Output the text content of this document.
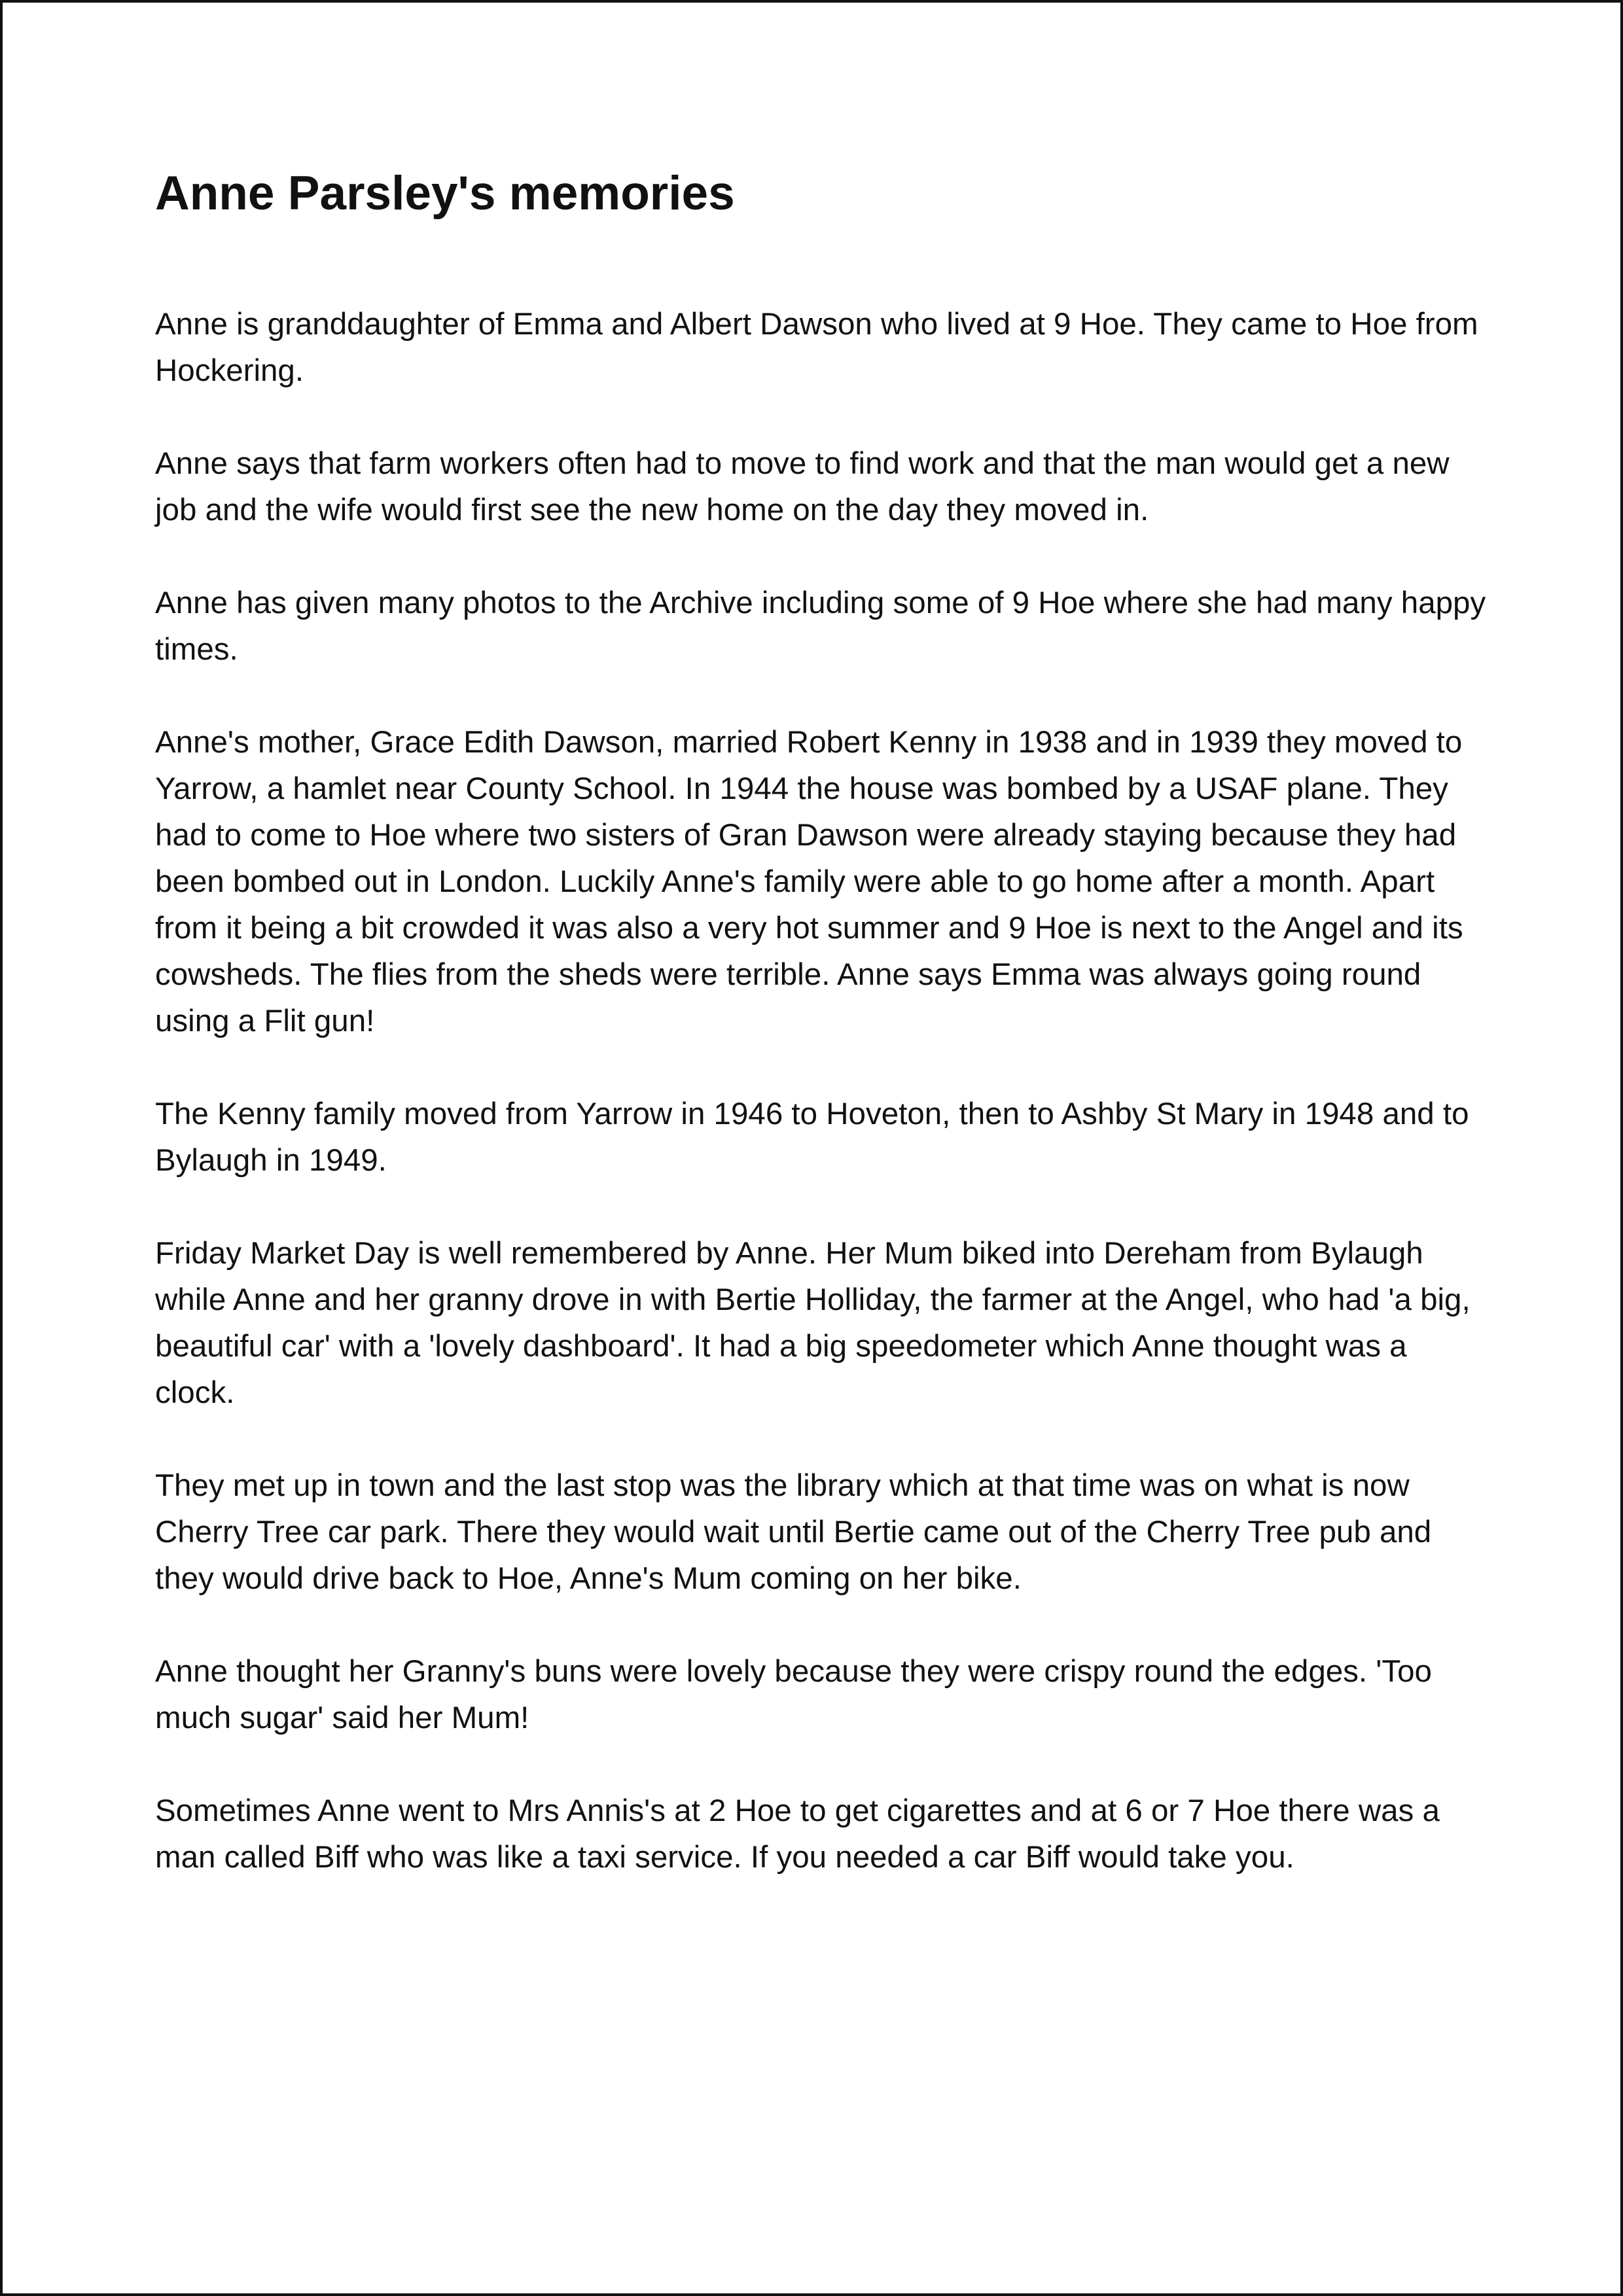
Anne Parsley's memories

Anne is granddaughter of Emma and Albert Dawson who lived at 9 Hoe. They came to Hoe from Hockering.

Anne says that farm workers often had to move to find work and that the man would get a new job and the wife would first see the new home on the day they moved in.

Anne has given many photos to the Archive including some of 9 Hoe where she had many happy times.

Anne's mother, Grace Edith Dawson, married Robert Kenny in 1938 and in 1939 they moved to Yarrow, a hamlet near County School. In 1944 the house was bombed by a USAF plane. They had to come to Hoe where two sisters of Gran Dawson were already staying because they had been bombed out in London. Luckily Anne's family were able to go home after a month. Apart from it being a bit crowded it was also a very hot summer and 9 Hoe is next to the Angel and its cowsheds. The flies from the sheds were terrible. Anne says Emma was always going round using a Flit gun!

The Kenny family moved from Yarrow in 1946 to Hoveton, then to Ashby St Mary in 1948 and to Bylaugh in 1949.

Friday Market Day is well remembered by Anne. Her Mum biked into Dereham from Bylaugh while Anne and her granny drove in with Bertie Holliday, the farmer at the Angel, who had 'a big, beautiful car' with a 'lovely dashboard'. It had a big speedometer which Anne thought was a clock.

They met up in town and the last stop was the library which at that time was on what is now Cherry Tree car park. There they would wait until Bertie came out of the Cherry Tree pub and they would drive back to Hoe, Anne's Mum coming on her bike.

Anne thought her Granny's buns were lovely because they were crispy round the edges. 'Too much sugar' said her Mum!

Sometimes Anne went to Mrs Annis's at 2 Hoe to get cigarettes and at 6 or 7 Hoe there was a man called Biff who was like a taxi service. If you needed a car Biff would take you.
